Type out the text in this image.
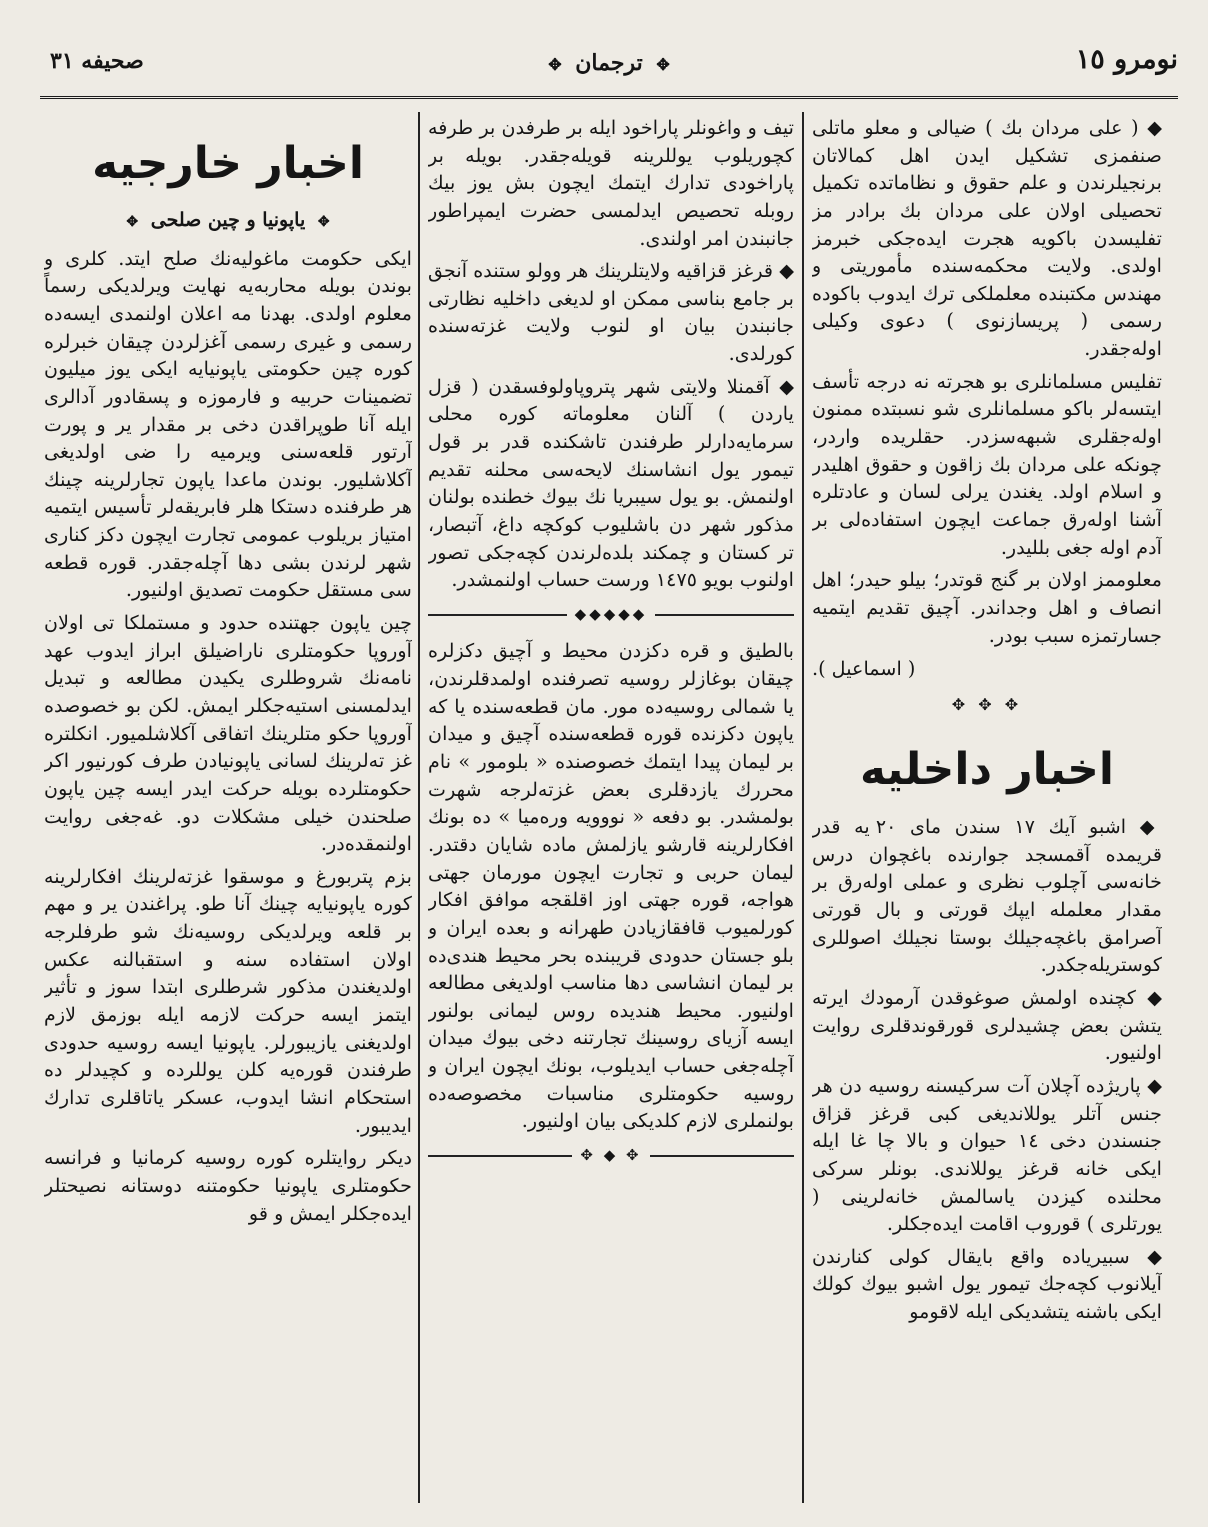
نومرو ١٥
✥ ترجمان ✥
صحیفه ٣١

◆ ( علی مردان بك ) ضیالی و معلو ماتلی صنفمزی تشکیل ایدن اهل کمالاتان برنجیلرندن و علم حقوق و نظاماتده تکمیل تحصیلی اولان علی مردان بك برادر مز تفلیسدن باکویه هجرت ایده‌جکی خبرمز اولدی. ولایت محکمه‌سنده مأموریتی و مهندس مکتبنده معلملکی ترك ایدوب باکوده رسمی ( پریسازنوی ) دعوی وکیلی اوله‌جقدر.

تفلیس مسلمانلری بو هجرته نه درجه تأسف ایتسه‌لر باکو مسلمانلری شو نسبتده ممنون اوله‌جقلری شبهه‌سزدر. حقلریده واردر، چونکه علی مردان بك زاقون و حقوق اهلیدر و اسلام اولد. یغندن یرلی لسان و عادتلره آشنا اوله‌رق جماعت ایچون استفاده‌لی بر آدم اوله جغی بللیدر.

معلوممز اولان بر گنج قوتدر؛ بیلو حیدر؛ اهل انصاف و اهل وجداندر. آچیق تقدیم ایتمیه جسارتمزه سبب بودر.

( اسماعیل ).
✥ ✥ ✥
اخبار داخلیه

◆ اشبو آیك ١٧ سندن مای ٢٠ یه قدر قریمده آقمسجد جوارنده باغچوان درس خانه‌سی آچلوب نظری و عملی اوله‌رق بر مقدار معلمله ایپك قورتی و بال قورتی آصرامق باغچه‌جیلك بوستا نجیلك اصوللری کوستریله‌جکدر.

◆ کچنده اولمش صوغوقدن آرمودك ایرته یتشن بعض چشیدلری قورقوندقلری روایت اولنیور.

◆ پاریژده آچلان آت سرکیسنه روسیه دن هر جنس آتلر یوللاندیغی کبی قرغز قزاق جنسندن دخی ١٤ حیوان و بالا چا غا ایله ایکی خانه قرغز یوللاندی. بونلر سرکی محلنده کیزدن یاسالمش خانه‌لرینی ( یورتلری ) قوروب اقامت ایده‌جکلر.

◆ سبیریاده واقع بایقال کولی کنارندن آیلانوب کچه‌جك تیمور یول اشبو بیوك کولك ایکی باشنه یتشدیکی ایله لاقومو

تیف و واغونلر پاراخود ایله بر طرفدن بر طرفه کچوریلوب یوللرینه قویله‌جقدر. بویله بر پاراخودی تدارك ایتمك ایچون بش یوز بیك روبله تحصیص ایدلمسی حضرت ایمپراطور جانبندن امر اولندی.

◆ قرغز قزاقیه ولایتلرینك هر وولو ستنده آنجق بر جامع بناسی ممکن او لدیغی داخلیه نظارتی جانبندن بیان او لنوب ولایت غزته‌سنده کورلدی.

◆ آقمنلا ولایتی شهر پتروپاولوفسقدن ( قزل یاردن ) آلنان معلوماته کوره محلی سرمایه‌دارلر طرفندن تاشکنده قدر بر قول تیمور یول انشاسنك لایحه‌سی محلنه تقدیم اولنمش. بو یول سیبریا نك بیوك خطنده بولنان مذکور شهر دن باشلیوب کوکچه داغ، آتبصار، تر کستان و چمکند بلده‌لرندن کچه‌جکی تصور اولنوب بویو ١٤٧٥ ورست حساب اولنمشدر.

◆◆◆◆◆

بالطیق و قره دکزدن محیط و آچیق دکزلره چیقان بوغازلر روسیه تصرفنده اولمدقلرندن، یا شمالی روسیه‌ده مور. مان قطعه‌سنده یا که یاپون دکزنده قوره قطعه‌سنده آچیق و میدان بر لیمان پیدا ایتمك خصوصنده « بلومور » نام محررك یازدقلری بعض غزته‌لرجه شهرت بولمشدر. بو دفعه « نووویه وره‌میا » ده بونك افکارلرینه قارشو یازلمش ماده شایان دقتدر. لیمان حربی و تجارت ایچون مورمان جهتی هواجه، قوره جهتی اوز اقلقجه موافق افکار کورلمیوب قافقازیادن طهرانه و بعده ایران و بلو جستان حدودی قریبنده بحر محیط هندی‌ده بر لیمان انشاسی دها مناسب اولدیغی مطالعه اولنیور. محیط هندیده روس لیمانی بولنور ایسه آزیای روسینك تجارتنه دخی بیوك میدان آچله‌جغی حساب ایدیلوب، بونك ایچون ایران و روسیه حکومتلری مناسبات مخصوصه‌ده بولنملری لازم کلدیکی بیان اولنیور.

✥ ◆ ✥
اخبار خارجیه
✥ یاپونیا و چین صلحی ✥

ایکی حکومت ماغولیه‌نك صلح ایتد. کلری و بوندن بویله محاربه‌یه نهایت ویرلدیکی رسماً معلوم اولدی. بهدنا مه اعلان اولنمدی ایسه‌ده رسمی و غیری رسمی آغزلردن چیقان خبرلره کوره چین حکومتی یاپونیایه ایکی یوز میلیون تضمینات حربیه و فارموزه و پسقادور آدالری ایله آنا طوپراقدن دخی بر مقدار یر و پورت آرتور قلعه‌سنی ویرمیه را ضی اولدیغی آکلاشلیور. بوندن ماعدا یاپون تجارلرینه چینك هر طرفنده دستکا هلر فابریقه‌لر تأسیس ایتمیه امتیاز بریلوب عمومی تجارت ایچون دکز کناری شهر لرندن بشی دها آچله‌جقدر. قوره قطعه سی مستقل حکومت تصدیق اولنیور.

چین یاپون جهتنده حدود و مستملکا تی اولان آوروپا حکومتلری ناراضیلق ابراز ایدوب عهد نامه‌نك شروطلری یکیدن مطالعه و تبدیل ایدلمسنی استیه‌جکلر ایمش. لکن بو خصوصده آوروپا حکو متلرینك اتفاقی آکلاشلمیور. انکلتره غز ته‌لرینك لسانی یاپونیادن طرف کورنیور اکر حکومتلرده بویله حرکت ایدر ایسه چین یاپون صلحندن خیلی مشکلات دو. غه‌جغی روایت اولنمقده‌در.

بزم پتربورغ و موسقوا غزته‌لرینك افکارلرینه کوره یاپونیایه چینك آنا طو. پراغندن یر و مهم بر قلعه ویرلدیکی روسیه‌نك شو طرفلرجه اولان استفاده سنه و استقبالنه عکس اولدیغندن مذکور شرطلری ابتدا سوز و تأثیر ایتمز ایسه حرکت لازمه ایله بوزمق لازم اولدیغنی یازیبورلر. یاپونیا ایسه روسیه حدودی طرفندن قوره‌یه کلن یوللرده و کچیدلر ده استحکام انشا ایدوب، عسکر یاتاقلری تدارك ایدیبور.

دیکر روایتلره کوره روسیه کرمانیا و فرانسه حکومتلری یاپونیا حکومتنه دوستانه نصیحتلر ایده‌جکلر ایمش و قو
